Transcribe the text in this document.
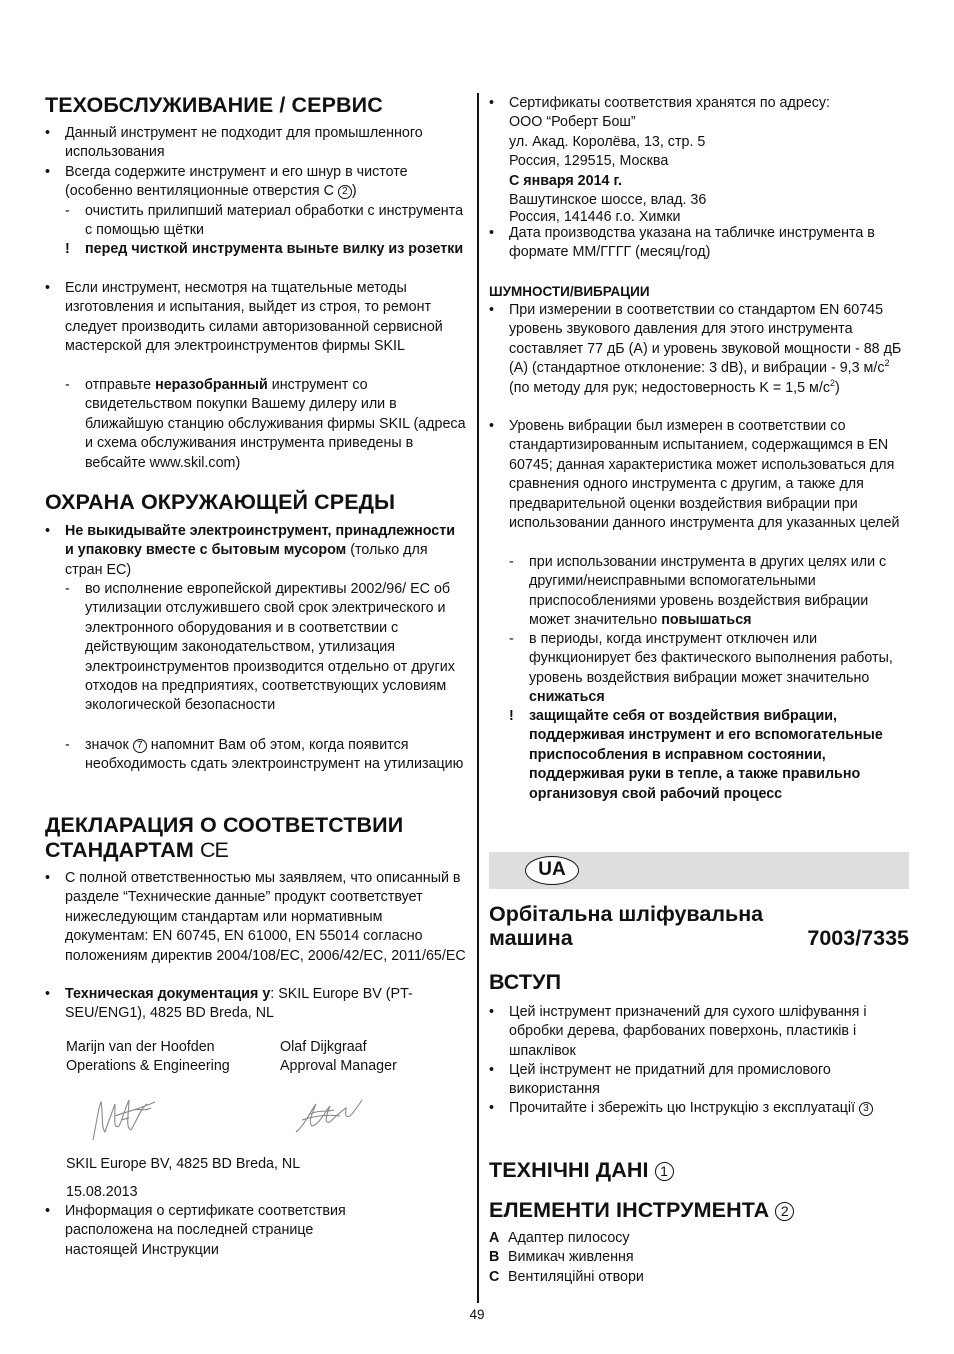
ТЕХОБСЛУЖИВАНИЕ / СЕРВИС
• Данный инструмент не подходит для промышленного использования
• Всегда содержите инструмент и его шнур в чистоте (особенно вентиляционные отверстия C 2 )
- очистить прилипший материал обработки с инструмента с помощью щётки
! перед чисткой инструмента выньте вилку из розетки
• Если инструмент, несмотря на тщательные методы изготовления и испытания, выйдет из строя, то ремонт следует производить силами авторизованной сервисной мастерской для электроинструментов фирмы SKIL
- отправьте неразобранный инструмент со свидетельством покупки Вашему дилеру или в ближайшую станцию обслуживания фирмы SKIL (адреса и схема обслуживания инструмента приведены в вебсайте www.skil.com)
ОХРАНА ОКРУЖАЮЩЕЙ СРЕДЫ
• Не выкидывайте электроинструмент, принадлежности и упаковку вместе с бытовым мусором (только для стран ЕС)
- во исполнение европейской директивы 2002/96/ ЕС об утилизации отслужившего свой срок электрического и электронного оборудования и в соответствии с действующим законодательством, утилизация электроинструментов производится отдельно от других отходов на предприятиях, соответствующих условиям экологической безопасности
- значок 7 напомнит Вам об этом, когда появится необходимость сдать электроинструмент на утилизацию
ДЕКЛАРАЦИЯ О СООТВЕТСТВИИ
СТАНДАРТАМ CE
• С полной ответственностью мы заявляем, что описанный в разделе “Технические данные” продукт соответствует нижеследующим стандартам или нормативным документам: EN 60745, EN 61000, EN 55014 согласно положениям директив 2004/108/EC, 2006/42/EC, 2011/65/EC
• Техническая документация у: SKIL Europe BV (PT-SEU/ENG1), 4825 BD Breda, NL
Marijn van der Hoofden
Operations & Engineering
Olaf Dijkgraaf
Approval Manager
SKIL Europe BV, 4825 BD Breda, NL
15.08.2013
• Информация о сертификате соответствия расположена на последней странице настоящей Инструкции
• Сертификаты соответствия хранятся по адресу:
ООО “Роберт Бош”
ул. Акад. Королёва, 13, стр. 5
Россия, 129515, Москва
С января 2014 г.
Вашутинское шоссе, влад. 36
Россия, 141446 г.о. Химки
• Дата производства указана на табличке инструмента в формате ММ/ГГГГ (месяц/год)
ШУМНОСТИ/ВИБРАЦИИ
• При измерении в соответствии со стандартом EN 60745 уровень звукового давления для этого инструмента составляет 77 дБ (A) и уровень звуковой мощности - 88 дБ (A) (стандартное отклонение: 3 dB), и вибрации - 9,3 $м/c^2$ (по методу для рук; недостоверность K = 1,5 $м/c^2$)
• Уровень вибрации был измерен в соответствии со стандартизированным испытанием, содержащимся в EN 60745; данная характеристика может использоваться для сравнения одного инструмента с другим, а также для предварительной оценки воздействия вибрации при использовании данного инструмента для указанных целей
- при использовании инструмента в других целях или с другими/неисправными вспомогательными приспособлениями уровень воздействия вибрации может значительно повышаться
- в периоды, когда инструмент отключен или функционирует без фактического выполнения работы, уровень воздействия вибрации может значительно снижаться
! защищайте себя от воздействия вибрации, поддерживая инструмент и его вспомогательные приспособления в исправном состоянии, поддерживая руки в тепле, а также правильно организовуя свой рабочий процесс
UA
Орбітальна шліфувальна
машина	7003/7335
ВСТУП
• Цей інструмент призначений для сухого шліфування і обробки дерева, фарбованих поверхонь, пластиків і шпаклівок
• Цей інструмент не придатний для промислового використання
• Прочитайте і збережіть цю Інструкцію з експлуатації 3
ТЕХНІЧНІ ДАНІ 1
ЕЛЕМЕНТИ ІНСТРУМЕНТА 2
A Адаптер пилососу
B Вимикач живлення
C Вентиляційні отвори
49
